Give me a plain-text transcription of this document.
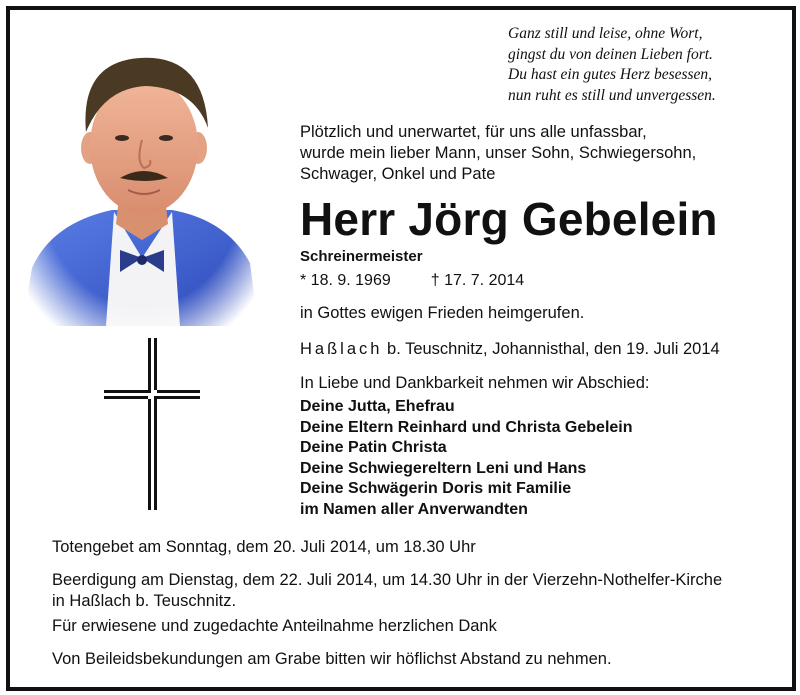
Ganz still und leise, ohne Wort,
gingst du von deinen Lieben fort.
Du hast ein gutes Herz besessen,
nun ruht es still und unvergessen.
Plötzlich und unerwartet, für uns alle unfassbar,
wurde mein lieber Mann, unser Sohn, Schwiegersohn,
Schwager, Onkel und Pate
Herr Jörg Gebelein
Schreinermeister
* 18. 9. 1969	† 17. 7. 2014
in Gottes ewigen Frieden heimgerufen.
Haßlach b. Teuschnitz, Johannisthal, den 19. Juli 2014
In Liebe und Dankbarkeit nehmen wir Abschied:
Deine Jutta, Ehefrau
Deine Eltern Reinhard und Christa Gebelein
Deine Patin Christa
Deine Schwiegereltern Leni und Hans
Deine Schwägerin Doris mit Familie
im Namen aller Anverwandten
Totengebet am Sonntag, dem 20. Juli 2014, um 18.30 Uhr
Beerdigung am Dienstag, dem 22. Juli 2014, um 14.30 Uhr in der Vierzehn-Nothelfer-Kirche
in Haßlach b. Teuschnitz.
Für erwiesene und zugedachte Anteilnahme herzlichen Dank
Von Beileidsbekundungen am Grabe bitten wir höflichst Abstand zu nehmen.
